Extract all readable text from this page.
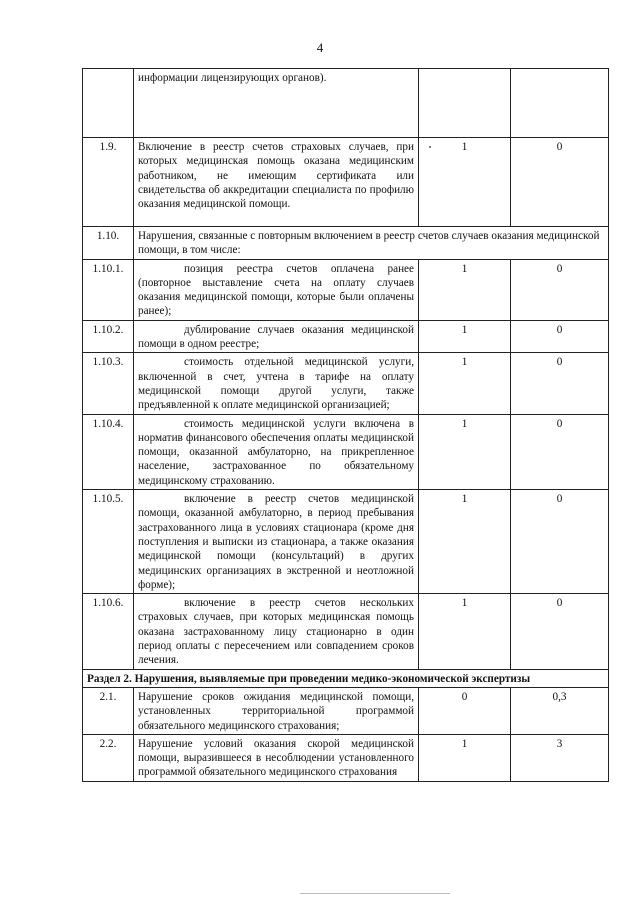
4
	информации лицензирующих органов).		
1.9.	Включение в реестр счетов страховых случаев, при которых медицинская помощь оказана медицинским работником, не имеющим сертификата или свидетельства об аккредитации специалиста по профилю оказания медицинской помощи.	1	0
1.10.	Нарушения, связанные с повторным включением в реестр счетов случаев оказания медицинской помощи, в том числе:		
1.10.1.	позиция реестра счетов оплачена ранее (повторное выставление счета на оплату случаев оказания медицинской помощи, которые были оплачены ранее);	1	0
1.10.2.	дублирование случаев оказания медицинской помощи в одном реестре;	1	0
1.10.3.	стоимость отдельной медицинской услуги, включенной в счет, учтена в тарифе на оплату медицинской помощи другой услуги, также предъявленной к оплате медицинской организацией;	1	0
1.10.4.	стоимость медицинской услуги включена в норматив финансового обеспечения оплаты медицинской помощи, оказанной амбулаторно, на прикрепленное население, застрахованное по обязательному медицинскому страхованию.	1	0
1.10.5.	включение в реестр счетов медицинской помощи, оказанной амбулаторно, в период пребывания застрахованного лица в условиях стационара (кроме дня поступления и выписки из стационара, а также оказания медицинской помощи (консультаций) в других медицинских организациях в экстренной и неотложной форме);	1	0
1.10.6.	включение в реестр счетов нескольких страховых случаев, при которых медицинская помощь оказана застрахованному лицу стационарно в один период оплаты с пересечением или совпадением сроков лечения.	1	0
Раздел 2. Нарушения, выявляемые при проведении медико-экономической экспертизы			
2.1.	Нарушение сроков ожидания медицинской помощи, установленных территориальной программой обязательного медицинского страхования;	0	0,3
2.2.	Нарушение условий оказания скорой медицинской помощи, выразившееся в несоблюдении установленного программой обязательного медицинского страхования	1	3
